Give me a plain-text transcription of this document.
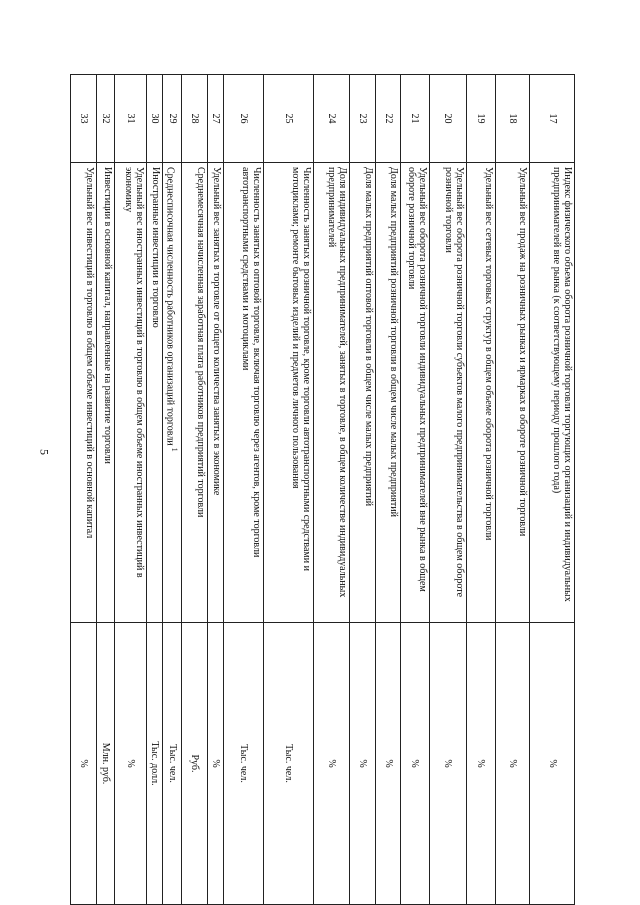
5
17	Индекс физического объема оборота розничной торговли торгующих организаций и индивидуальных предпринимателей вне рынка (к соответствующему периоду прошлого года)	%
18	Удельный вес продаж на розничных рынках и ярмарках в обороте розничной торговли	%
19	Удельный вес сетевых торговых структур в общем объеме оборота розничной торговли	%
20	Удельный вес оборота розничной торговли субъектов малого предпринимательства в общем обороте розничной торговли	%
21	Удельный вес оборота розничной торговли индивидуальных предпринимателей вне рынка в общем обороте розничной торговли	%
22	Доля малых предприятий розничной торговли в общем числе малых предприятий	%
23	Доля малых предприятий оптовой торговли в общем числе малых предприятий	%
24	Доля индивидуальных предпринимателей, занятых в торговле, в общем количестве индивидуальных предпринимателей	%
25	Численность занятых в розничной торговле, кроме торговли автотранспортными средствами и мотоциклами; ремонте бытовых изделий и предметов личного пользования	Тыс. чел.
26	Численность занятых в оптовой торговле, включая торговлю через агентов, кроме торговли автотранспортными средствами и мотоциклами	Тыс. чел.
27	Удельный вес занятых в торговле от общего количества занятых в экономике	%
28	Среднемесячная начисленная заработная плата работников предприятий торговли	Руб.
29	Среднесписочная численность работников организаций торговли$^1$	Тыс. чел.
30	Иностранные инвестиции в торговлю	Тыс. долл.
31	Удельный вес иностранных инвестиций в торговлю в общем объеме иностранных инвестиций в экономику	%
32	Инвестиции в основной капитал, направленные на развитие торговли	Млн. руб.
33	Удельный вес инвестиций в торговлю в общем объеме инвестиций в основной капитал	%
